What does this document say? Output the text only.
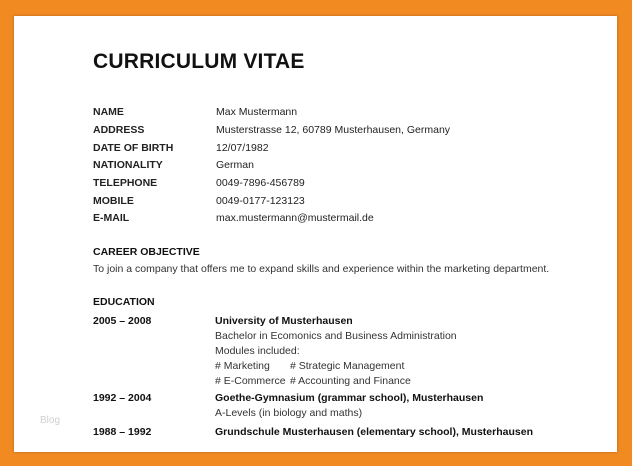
CURRICULUM VITAE
NAME	Max Mustermann
ADDRESS	Musterstrasse 12, 60789 Musterhausen, Germany
DATE OF BIRTH	12/07/1982
NATIONALITY	German
TELEPHONE	0049-7896-456789
MOBILE	0049-0177-123123
E-MAIL	max.mustermann@mustermail.de
CAREER OBJECTIVE
To join a company that offers me to expand skills and experience within the marketing department.
EDUCATION
2005 – 2008	University of Musterhausen
Bachelor in Ecomonics and Business Administration
Modules included:
# Marketing # Strategic Management
# E-Commerce # Accounting and Finance
1992 – 2004	Goethe-Gymnasium (grammar school), Musterhausen
A-Levels (in biology and maths)
1988 – 1992	Grundschule Musterhausen (elementary school), Musterhausen
Blog
